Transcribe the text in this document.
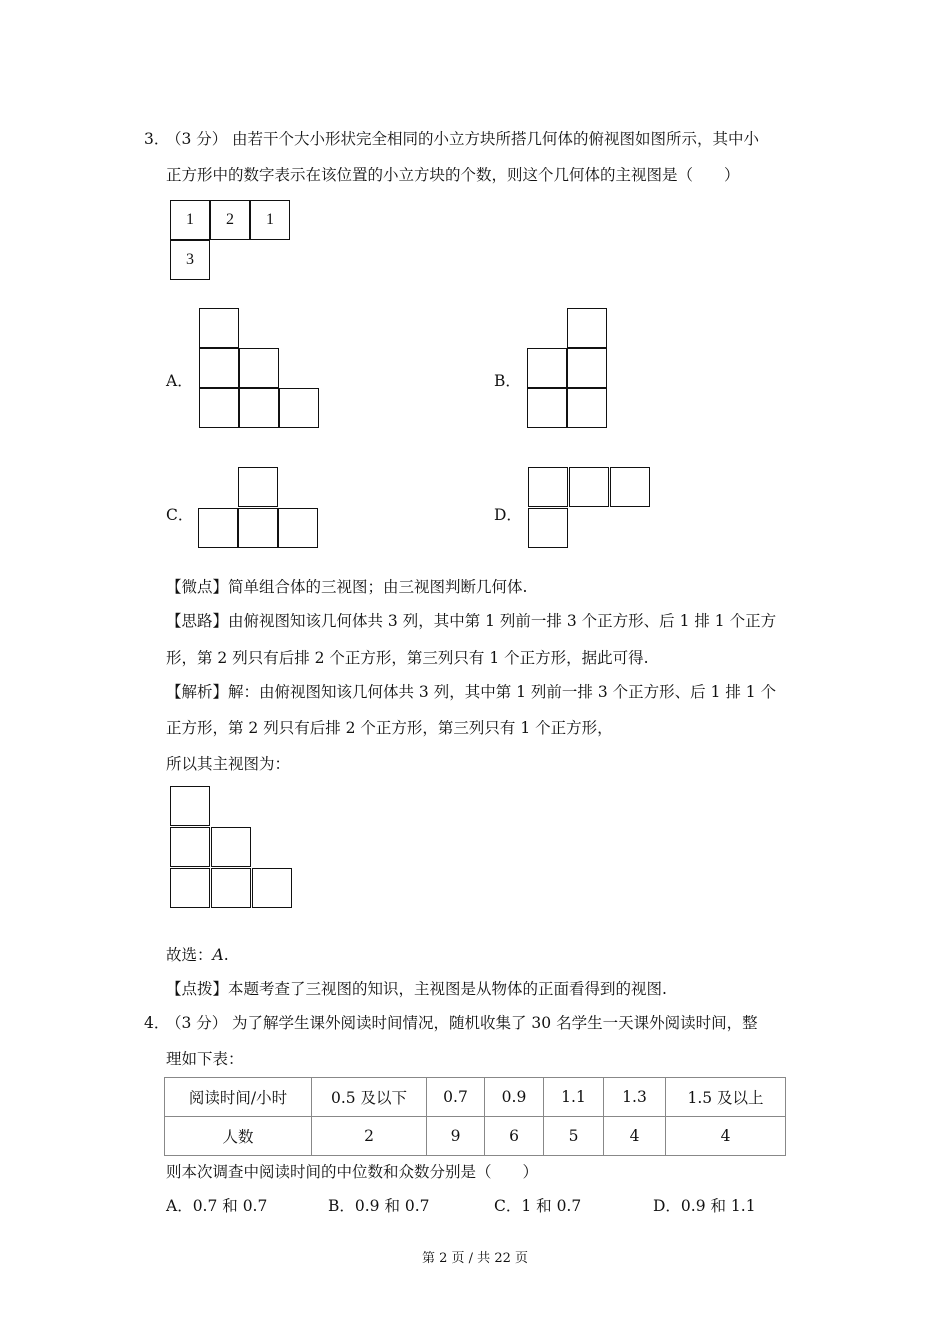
3．
（3 分） 由若干个大小形状完全相同的小立方块所搭几何体的俯视图如图所示，其中小
正方形中的数字表示在该位置的小立方块的个数，则这个几何体的主视图是（　　）
1	2	1
3
A．	B．
C．	D．
【微点】简单组合体的三视图；由三视图判断几何体.
【思路】由俯视图知该几何体共 3 列，其中第 1 列前一排 3 个正方形、后 1 排 1 个正方
形，第 2 列只有后排 2 个正方形，第三列只有 1 个正方形，据此可得.
【解析】解：由俯视图知该几何体共 3 列，其中第 1 列前一排 3 个正方形、后 1 排 1 个
正方形，第 2 列只有后排 2 个正方形，第三列只有 1 个正方形，
所以其主视图为：
故选：A.
【点拨】本题考查了三视图的知识，主视图是从物体的正面看得到的视图.
4．
（3 分） 为了解学生课外阅读时间情况，随机收集了 30 名学生一天课外阅读时间，整
理如下表：
阅读时间/小时	0.5 及以下	0.7	0.9	1.1	1.3	1.5 及以上
人数	2	9	6	5	4	4
则本次调查中阅读时间的中位数和众数分别是（　　）
A．0.7 和 0.7	B．0.9 和 0.7	C．1 和 0.7	D．0.9 和 1.1
第 2 页 / 共 22 页
